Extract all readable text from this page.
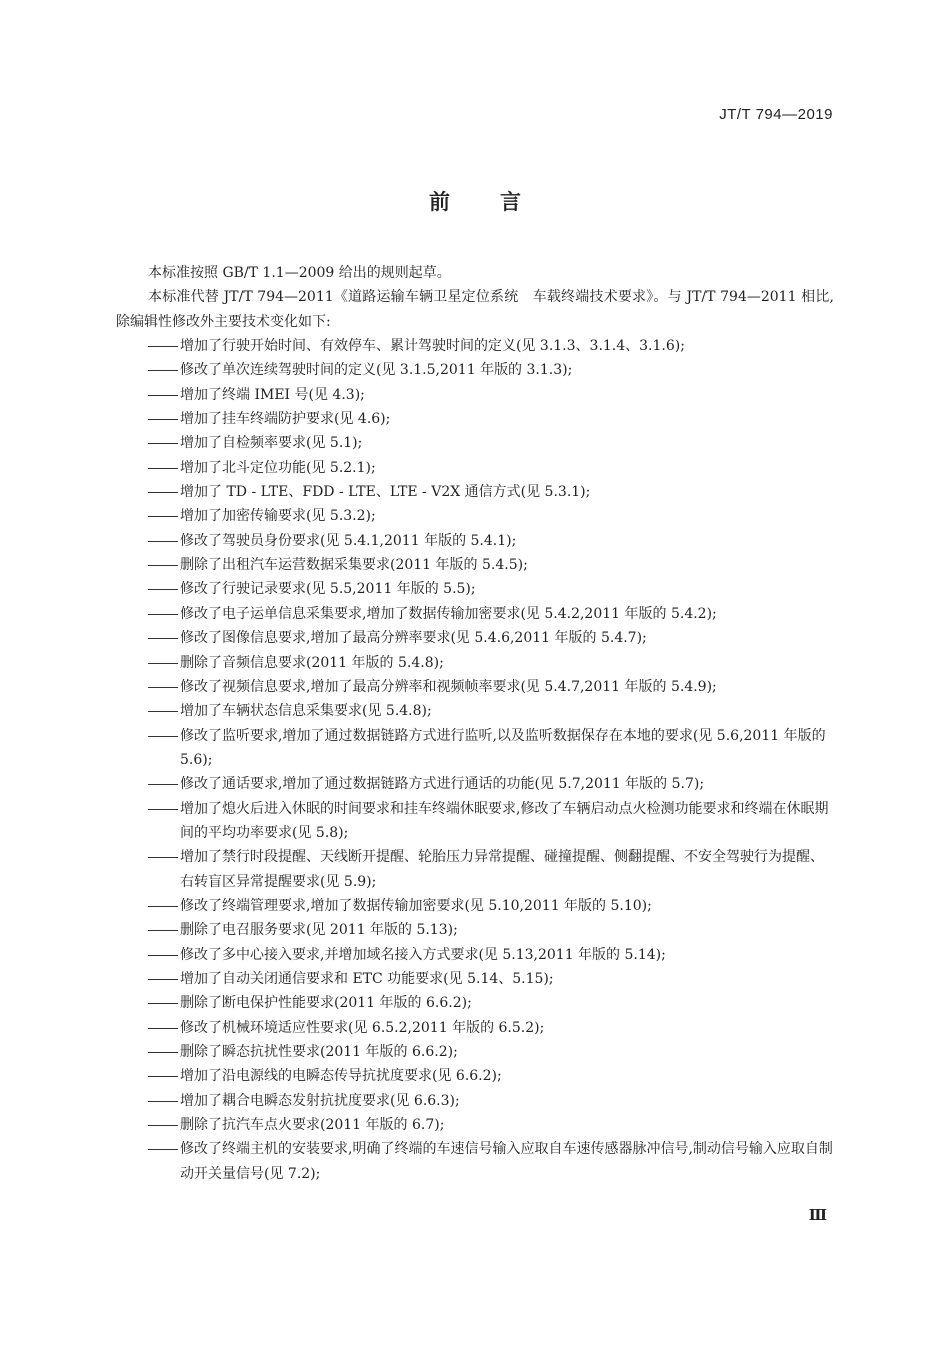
JT/T 794—2019
前言

本标准按照 GB/T 1.1—2009 给出的规则起草。

本标准代替 JT/T 794—2011《道路运输车辆卫星定位系统　车载终端技术要求》。与 JT/T 794—2011 相比,除编辑性修改外主要技术变化如下:

增加了行驶开始时间、有效停车、累计驾驶时间的定义(见 3.1.3、3.1.4、3.1.6);
修改了单次连续驾驶时间的定义(见 3.1.5,2011 年版的 3.1.3);
增加了终端 IMEI 号(见 4.3);
增加了挂车终端防护要求(见 4.6);
增加了自检频率要求(见 5.1);
增加了北斗定位功能(见 5.2.1);
增加了 TD - LTE、FDD - LTE、LTE - V2X 通信方式(见 5.3.1);
增加了加密传输要求(见 5.3.2);
修改了驾驶员身份要求(见 5.4.1,2011 年版的 5.4.1);
删除了出租汽车运营数据采集要求(2011 年版的 5.4.5);
修改了行驶记录要求(见 5.5,2011 年版的 5.5);
修改了电子运单信息采集要求,增加了数据传输加密要求(见 5.4.2,2011 年版的 5.4.2);
修改了图像信息要求,增加了最高分辨率要求(见 5.4.6,2011 年版的 5.4.7);
删除了音频信息要求(2011 年版的 5.4.8);
修改了视频信息要求,增加了最高分辨率和视频帧率要求(见 5.4.7,2011 年版的 5.4.9);
增加了车辆状态信息采集要求(见 5.4.8);
修改了监听要求,增加了通过数据链路方式进行监听,以及监听数据保存在本地的要求(见 5.6,2011 年版的 5.6);
修改了通话要求,增加了通过数据链路方式进行通话的功能(见 5.7,2011 年版的 5.7);
增加了熄火后进入休眠的时间要求和挂车终端休眠要求,修改了车辆启动点火检测功能要求和终端在休眠期间的平均功率要求(见 5.8);
增加了禁行时段提醒、天线断开提醒、轮胎压力异常提醒、碰撞提醒、侧翻提醒、不安全驾驶行为提醒、右转盲区异常提醒要求(见 5.9);
修改了终端管理要求,增加了数据传输加密要求(见 5.10,2011 年版的 5.10);
删除了电召服务要求(见 2011 年版的 5.13);
修改了多中心接入要求,并增加域名接入方式要求(见 5.13,2011 年版的 5.14);
增加了自动关闭通信要求和 ETC 功能要求(见 5.14、5.15);
删除了断电保护性能要求(2011 年版的 6.6.2);
修改了机械环境适应性要求(见 6.5.2,2011 年版的 6.5.2);
删除了瞬态抗扰性要求(2011 年版的 6.6.2);
增加了沿电源线的电瞬态传导抗扰度要求(见 6.6.2);
增加了耦合电瞬态发射抗扰度要求(见 6.6.3);
删除了抗汽车点火要求(2011 年版的 6.7);
修改了终端主机的安装要求,明确了终端的车速信号输入应取自车速传感器脉冲信号,制动信号输入应取自制动开关量信号(见 7.2);
Ⅲ
